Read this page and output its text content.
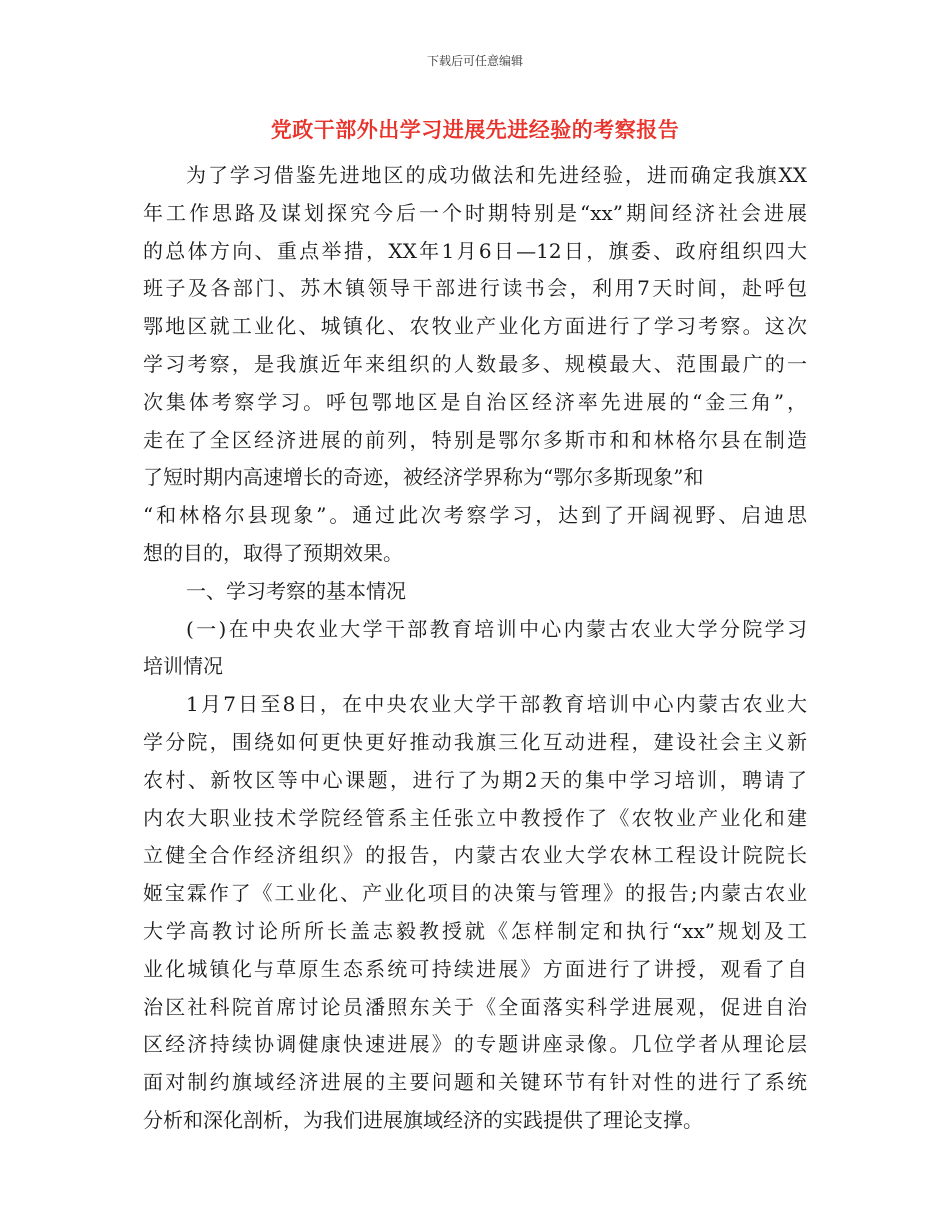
下载后可任意编辑
党政干部外出学习进展先进经验的考察报告
为了学习借鉴先进地区的成功做法和先进经验，进而确定我旗XX
年工作思路及谋划探究今后一个时期特别是“xx”期间经济社会进展
的总体方向、重点举措，XX年1月6日—12日，旗委、政府组织四大
班子及各部门、苏木镇领导干部进行读书会，利用7天时间，赴呼包
鄂地区就工业化、城镇化、农牧业产业化方面进行了学习考察。这次
学习考察，是我旗近年来组织的人数最多、规模最大、范围最广的一
次集体考察学习。呼包鄂地区是自治区经济率先进展的“金三角”，
走在了全区经济进展的前列，特别是鄂尔多斯市和和林格尔县在制造
了短时期内高速增长的奇迹，被经济学界称为“鄂尔多斯现象”和
“和林格尔县现象”。通过此次考察学习，达到了开阔视野、启迪思
想的目的，取得了预期效果。
一、学习考察的基本情况
(一)在中央农业大学干部教育培训中心内蒙古农业大学分院学习
培训情况
1月7日至8日，在中央农业大学干部教育培训中心内蒙古农业大
学分院，围绕如何更快更好推动我旗三化互动进程，建设社会主义新
农村、新牧区等中心课题，进行了为期2天的集中学习培训，聘请了
内农大职业技术学院经管系主任张立中教授作了《农牧业产业化和建
立健全合作经济组织》的报告，内蒙古农业大学农林工程设计院院长
姬宝霖作了《工业化、产业化项目的决策与管理》的报告;内蒙古农业
大学高教讨论所所长盖志毅教授就《怎样制定和执行“xx”规划及工
业化城镇化与草原生态系统可持续进展》方面进行了讲授，观看了自
治区社科院首席讨论员潘照东关于《全面落实科学进展观，促进自治
区经济持续协调健康快速进展》的专题讲座录像。几位学者从理论层
面对制约旗域经济进展的主要问题和关键环节有针对性的进行了系统
分析和深化剖析，为我们进展旗域经济的实践提供了理论支撑。
